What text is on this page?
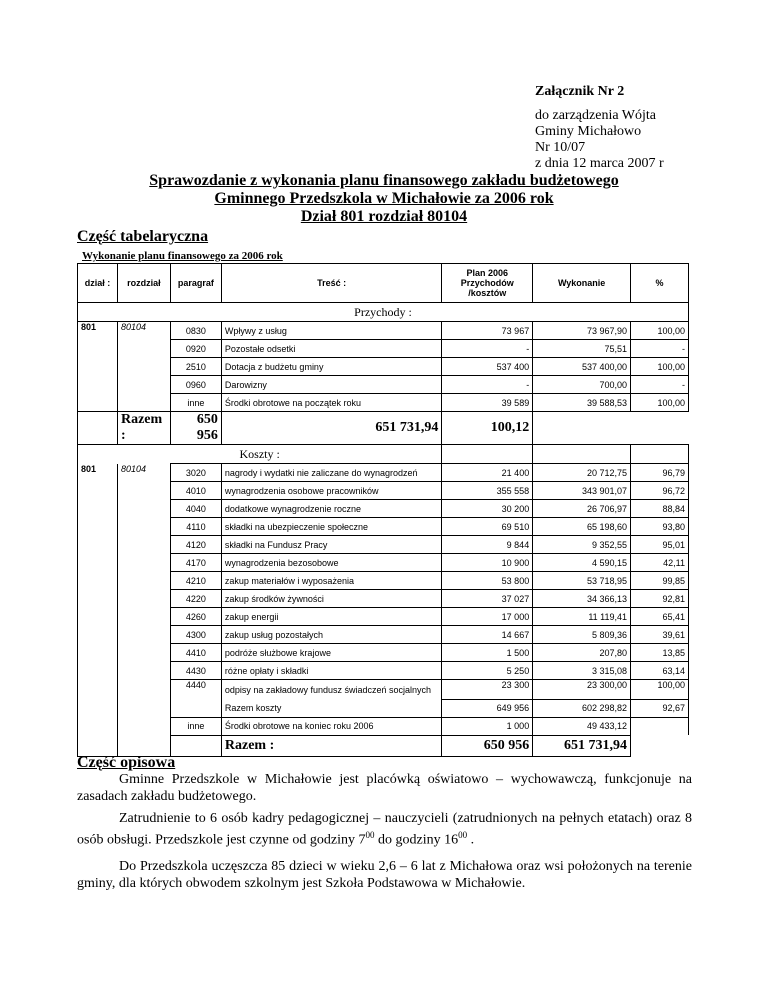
Załącznik Nr 2
do zarządzenia Wójta
Gminy Michałowo
Nr 10/07
z dnia 12 marca 2007 r
Sprawozdanie z wykonania planu finansowego zakładu budżetowego
Gminnego Przedszkola w Michałowie za 2006 rok
Dział 801 rozdział 80104
Część tabelaryczna
Wykonanie planu finansowego za 2006 rok
dział :	rozdział	paragraf	Treść :	Plan 2006 Przychodów /kosztów	Wykonanie	%
Przychody :						
801	80104	0830	Wpływy z usług	73 967	73 967,90	100,00
		0920	Pozostałe odsetki	-	75,51	-
		2510	Dotacja z budżetu gminy	537 400	537 400,00	100,00
		0960	Darowizny	-	700,00	-
		inne	Środki obrotowe na początek roku	39 589	39 588,53	100,00
	Razem :	650 956	651 731,94	100,12		
Koszty :						
801	80104	3020	nagrody i wydatki nie zaliczane do wynagrodzeń	21 400	20 712,75	96,79
		4010	wynagrodzenia osobowe pracowników	355 558	343 901,07	96,72
		4040	dodatkowe wynagrodzenie roczne	30 200	26 706,97	88,84
		4110	składki na ubezpieczenie społeczne	69 510	65 198,60	93,80
		4120	składki na Fundusz Pracy	9 844	9 352,55	95,01
		4170	wynagrodzenia bezosobowe	10 900	4 590,15	42,11
		4210	zakup materiałów i wyposażenia	53 800	53 718,95	99,85
		4220	zakup środków żywności	37 027	34 366,13	92,81
		4260	zakup energii	17 000	11 119,41	65,41
		4300	zakup usług pozostałych	14 667	5 809,36	39,61
		4410	podróże służbowe krajowe	1 500	207,80	13,85
		4430	różne opłaty i składki	5 250	3 315,08	63,14
		4440	odpisy na zakładowy fundusz świadczeń socjalnych	23 300	23 300,00	100,00
			Razem koszty	649 956	602 298,82	92,67
		inne	Środki obrotowe na koniec roku 2006	1 000	49 433,12	
			Razem :	650 956	651 731,94	
Część opisowa
Gminne Przedszkole w Michałowie jest placówką oświatowo – wychowawczą, funkcjonuje na zasadach zakładu budżetowego.
Zatrudnienie to 6 osób kadry pedagogicznej – nauczycieli (zatrudnionych na pełnych etatach) oraz 8 osób obsługi. Przedszkole jest czynne od godziny $7^{00}$ do godziny $16^{00}$ .
Do Przedszkola uczęszcza 85 dzieci w wieku 2,6 – 6 lat z Michałowa oraz wsi położonych na terenie gminy, dla których obwodem szkolnym jest Szkoła Podstawowa w Michałowie.
